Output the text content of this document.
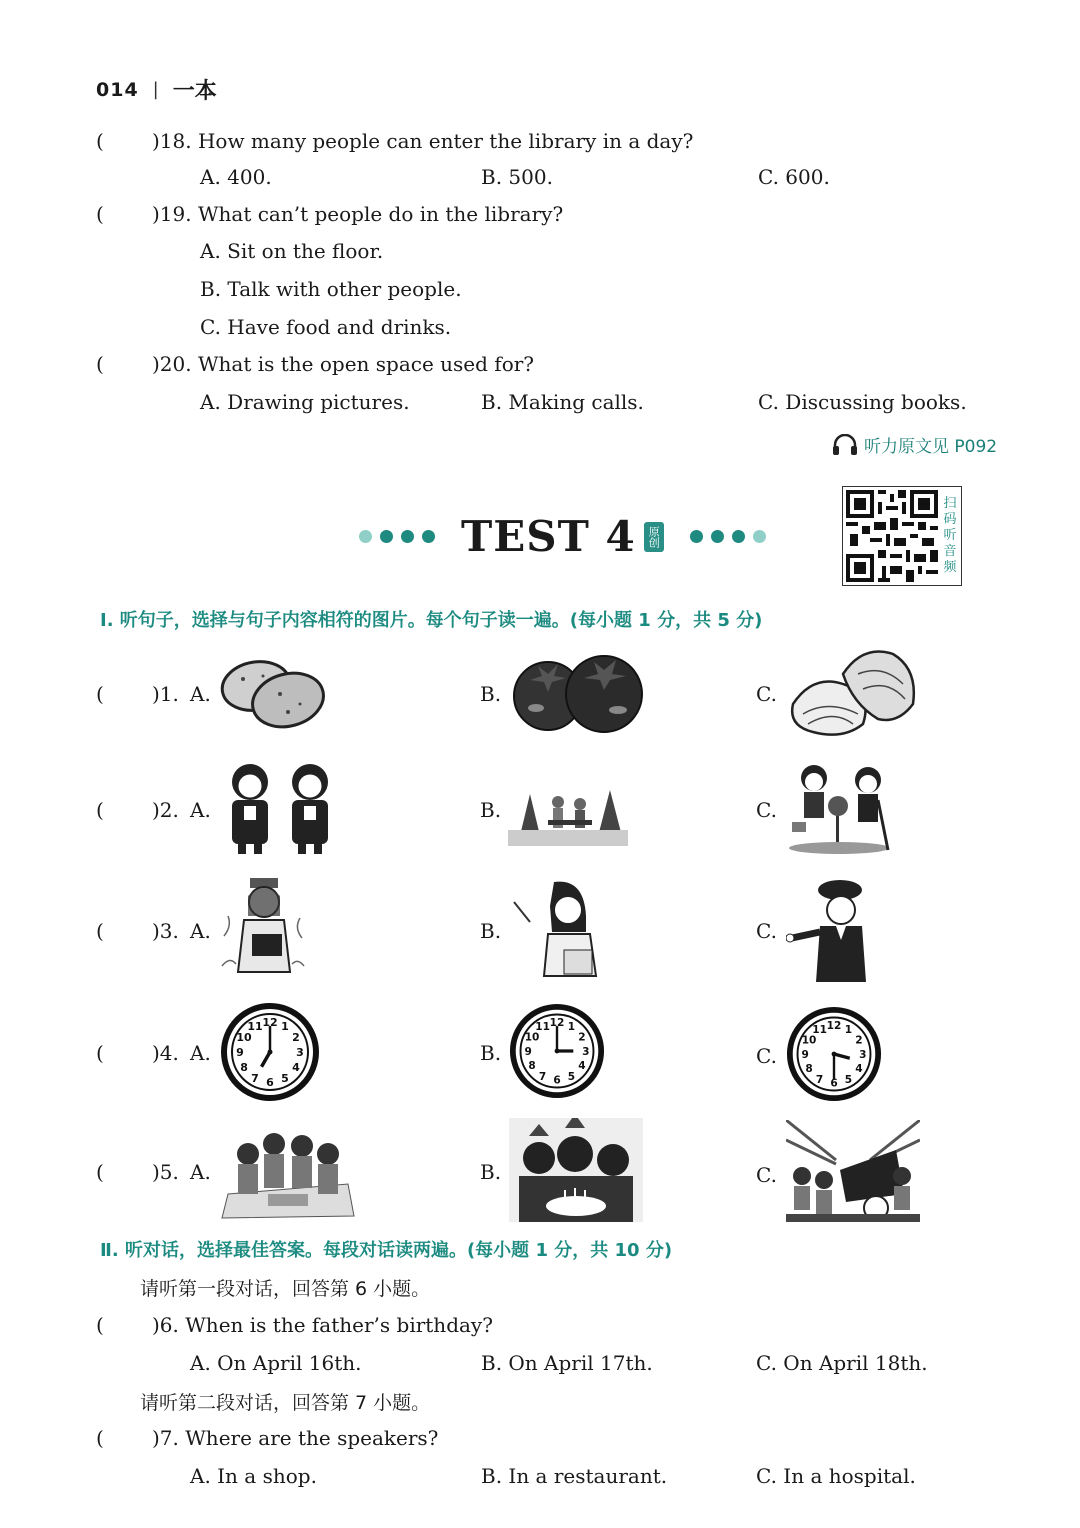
014 | 一本
( )18. How many people can enter the library in a day?
A. 400.	B. 500.	C. 600.
( )19. What can’t people do in the library?
A. Sit on the floor.
B. Talk with other people.
C. Have food and drinks.
( )20. What is the open space used for?
A. Drawing pictures.	B. Making calls.	C. Discussing books.
听力原文见 P092
TEST 4 原创
扫
码
听
音
频
Ⅰ. 听句子，选择与句子内容相符的图片。每个句子读一遍。(每小题 1 分，共 5 分)
( )1. A.	B.	C.
( )2. A.	B.	C.
( )3. A.	B.	C.
( )4. A.	B.	C.
12 1
2
3
4
5
6
7
8
9
10
11	12 1
2
3
4
5
6
7
8
9
10
11	12 1
2
3
4
5
6
7
8
9
10
11
( )5. A.	B.	C.
Ⅱ. 听对话，选择最佳答案。每段对话读两遍。(每小题 1 分，共 10 分)
请听第一段对话，回答第 6 小题。
( )6. When is the father’s birthday?
A. On April 16th.	B. On April 17th.	C. On April 18th.
请听第二段对话，回答第 7 小题。
( )7. Where are the speakers?
A. In a shop.	B. In a restaurant.	C. In a hospital.
